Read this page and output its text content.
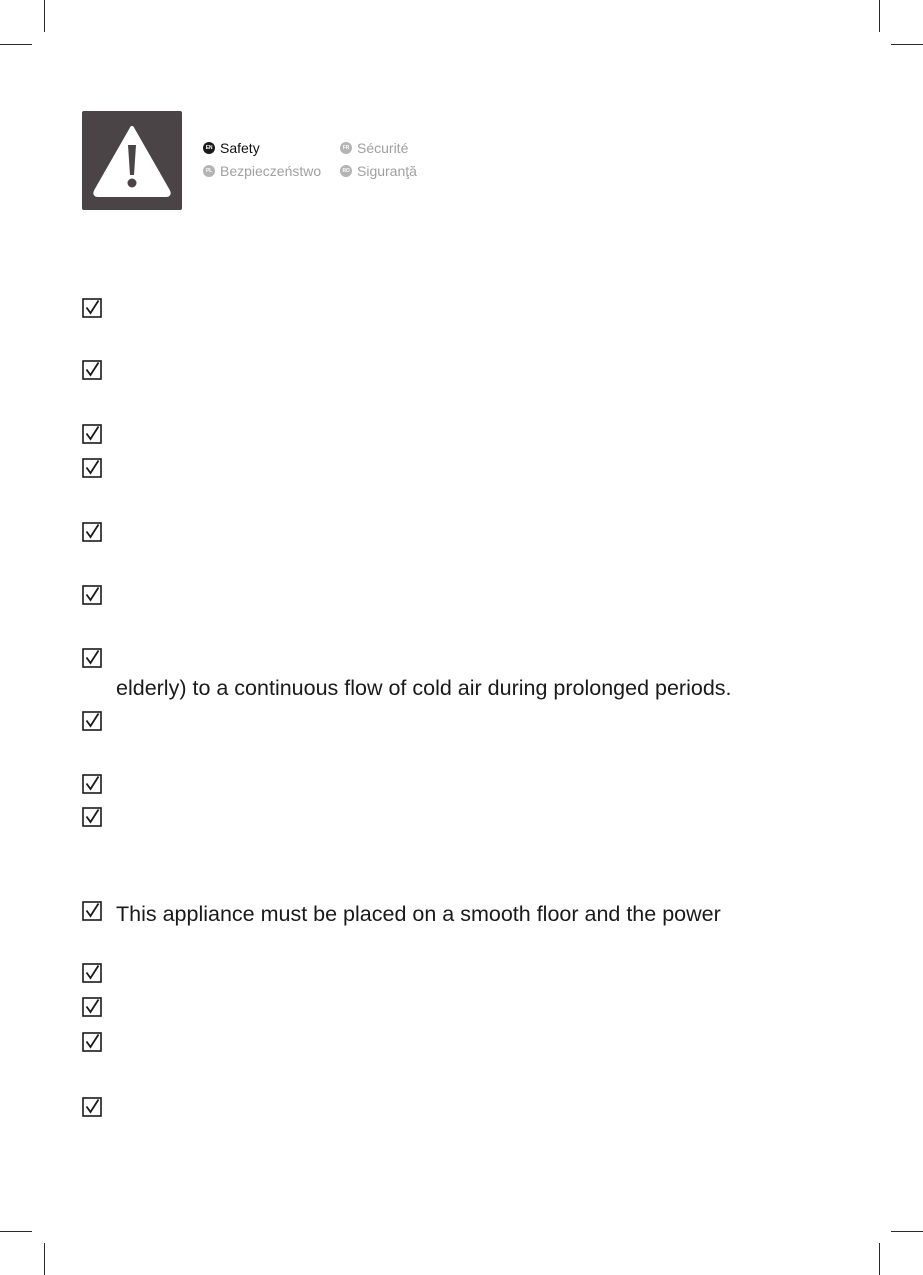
EN Safety	FR Sécurité
PL Bezpieczeństwo	RO Siguranţă
elderly) to a continuous flow of cold air during prolonged periods.
This appliance must be placed on a smooth floor and the power
